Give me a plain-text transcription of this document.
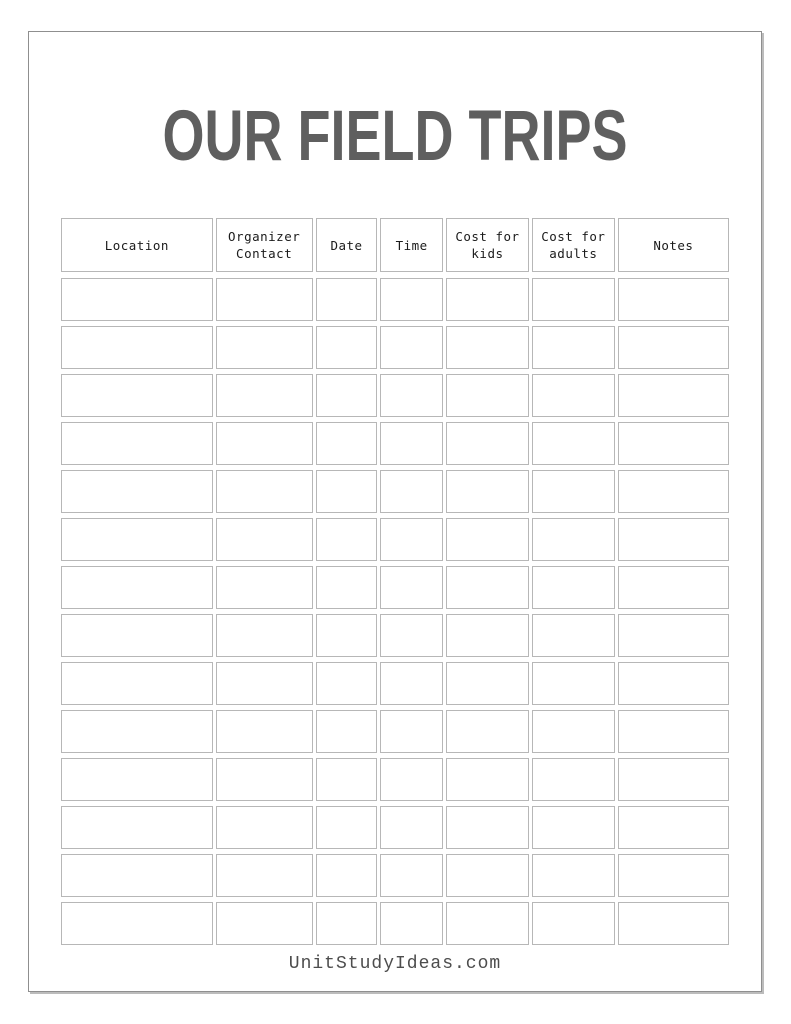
OUR FIELD TRIPS
Location
Organizer Contact
Date	Time
Cost for kids
Cost for adults
Notes
UnitStudyIdeas.com
